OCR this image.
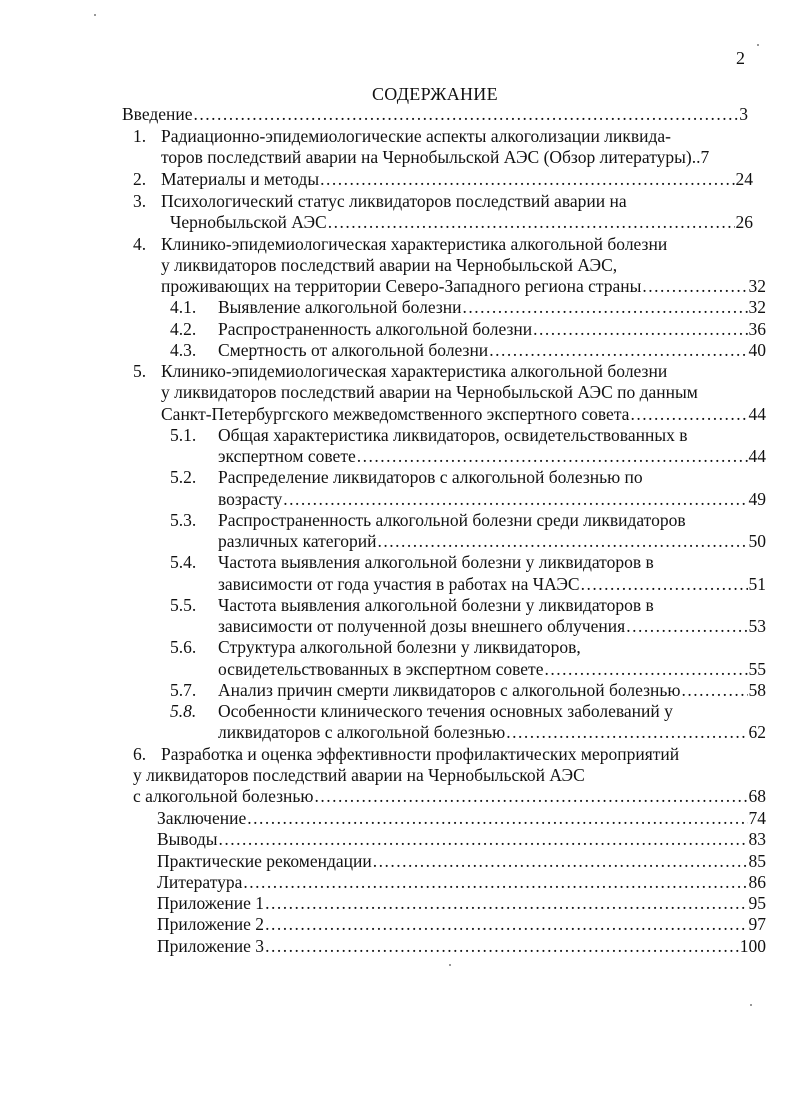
2
СОДЕРЖАНИЕ
Введение .....	3
1. Радиационно-эпидемиологические аспекты алкоголизации ликвида-
торов последствий аварии на Чернобыльской АЭС (Обзор литературы).. 7
2. Материалы и методы .....	24
3. Психологический статус ликвидаторов последствий аварии на
Чернобыльской АЭС .....	26
4. Клинико-эпидемиологическая характеристика алкогольной болезни
у ликвидаторов последствий аварии на Чернобыльской АЭС,
проживающих на территории Северо-Западного региона страны .....	32
4.1.	Выявление алкогольной болезни .....	32
4.2.	Распространенность алкогольной болезни .....	36
4.3.	Смертность от алкогольной болезни .....	40
5. Клинико-эпидемиологическая характеристика алкогольной болезни
у ликвидаторов последствий аварии на Чернобыльской АЭС по данным
Санкт-Петербургского межведомственного экспертного совета .....	44
5.1.	Общая характеристика ликвидаторов, освидетельствованных в
экспертном совете .....	44
5.2.	Распределение ликвидаторов с алкогольной болезнью по
возрасту .....	49
5.3.	Распространенность алкогольной болезни среди ликвидаторов
различных категорий .....	50
5.4.	Частота выявления алкогольной болезни у ликвидаторов в
зависимости от года участия в работах на ЧАЭС .....	51
5.5.	Частота выявления алкогольной болезни у ликвидаторов в
зависимости от полученной дозы внешнего облучения .....	53
5.6.	Структура алкогольной болезни у ликвидаторов,
освидетельствованных в экспертном совете .....	55
5.7.	Анализ причин смерти ликвидаторов с алкогольной болезнью .....	58
5.8.	Особенности клинического течения основных заболеваний у
ликвидаторов с алкогольной болезнью .....	62
6. Разработка и оценка эффективности профилактических мероприятий
у ликвидаторов последствий аварии на Чернобыльской АЭС
с алкогольной болезнью .....	68
Заключение .....	74
Выводы .....	83
Практические рекомендации .....	85
Литература .....	86
Приложение 1 .....	95
Приложение 2 .....	97
Приложение 3 .....	100
